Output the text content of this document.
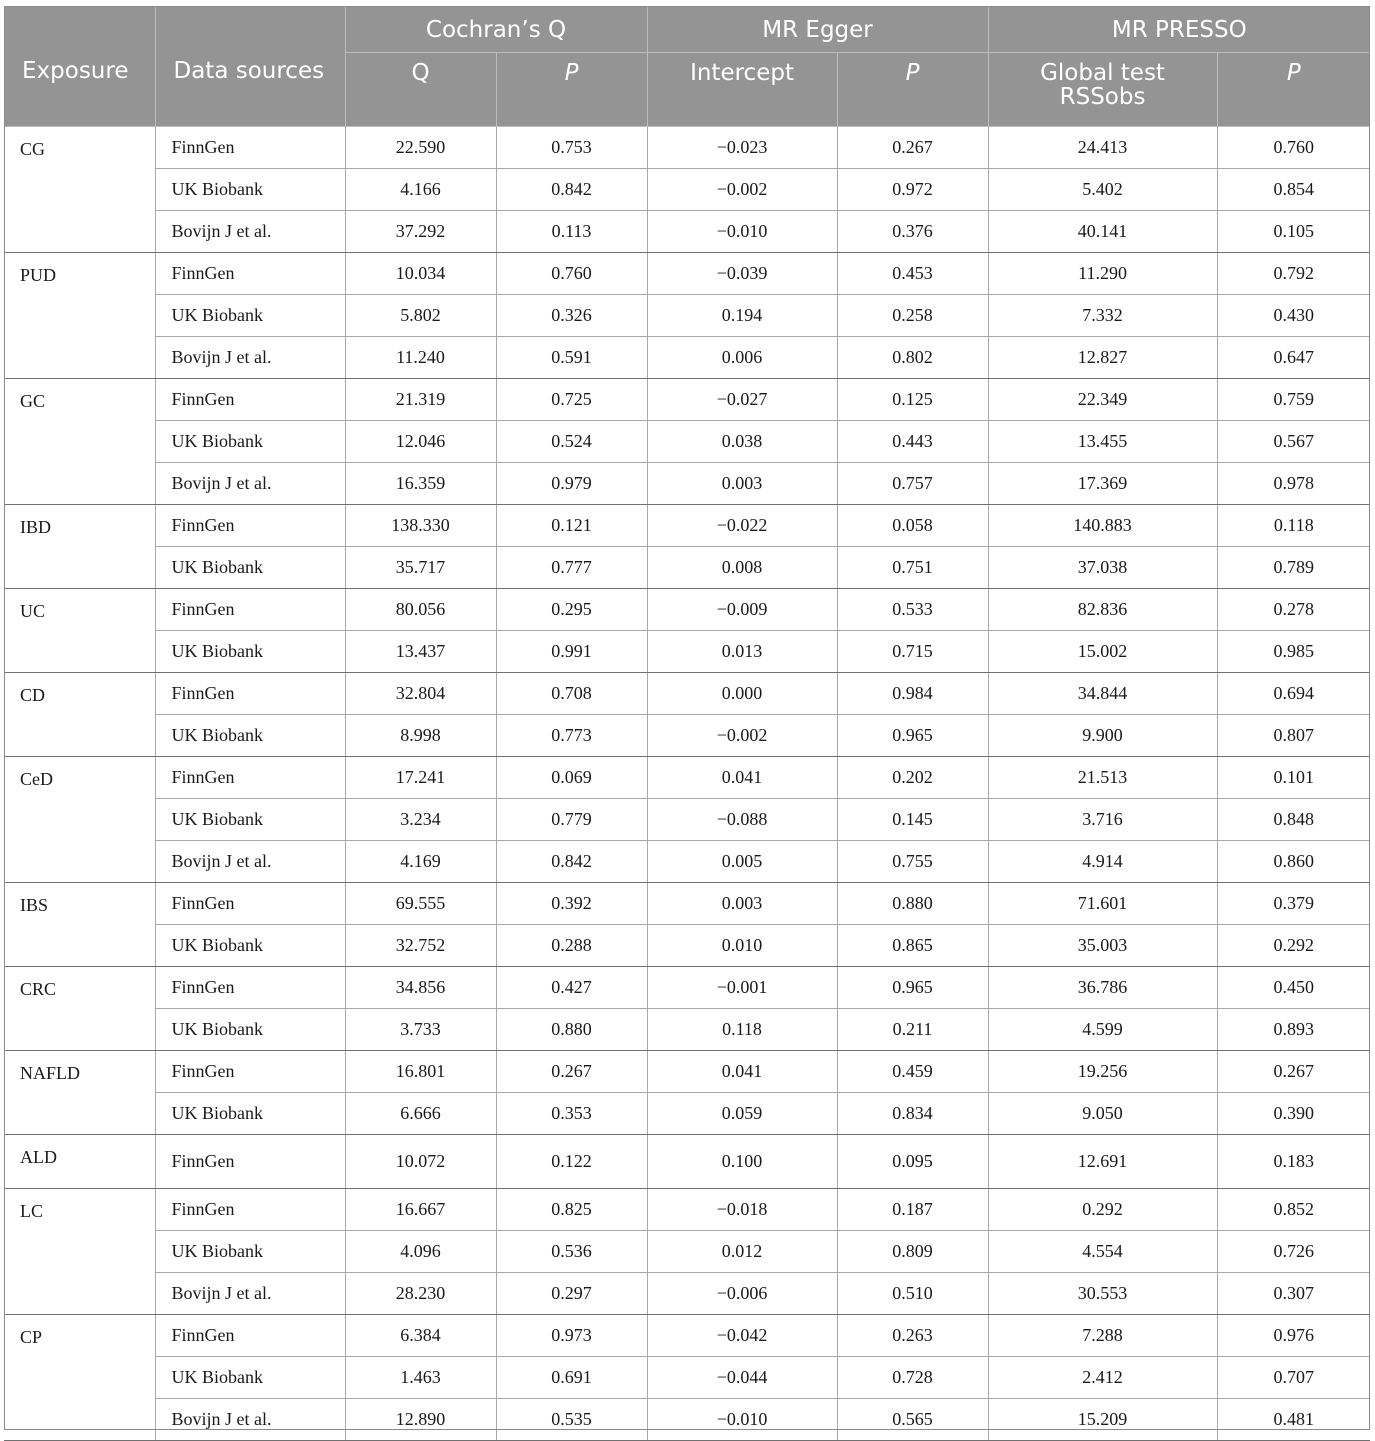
Exposure	Data sources	Cochran’s Q		MR Egger		MR PRESSO	
		Q	P	Intercept	P	Global test RSSobs	P
CG	FinnGen	22.590	0.753	−0.023	0.267	24.413	0.760
	UK Biobank	4.166	0.842	−0.002	0.972	5.402	0.854
	Bovijn J et al.	37.292	0.113	−0.010	0.376	40.141	0.105
PUD	FinnGen	10.034	0.760	−0.039	0.453	11.290	0.792
	UK Biobank	5.802	0.326	0.194	0.258	7.332	0.430
	Bovijn J et al.	11.240	0.591	0.006	0.802	12.827	0.647
GC	FinnGen	21.319	0.725	−0.027	0.125	22.349	0.759
	UK Biobank	12.046	0.524	0.038	0.443	13.455	0.567
	Bovijn J et al.	16.359	0.979	0.003	0.757	17.369	0.978
IBD	FinnGen	138.330	0.121	−0.022	0.058	140.883	0.118
	UK Biobank	35.717	0.777	0.008	0.751	37.038	0.789
UC	FinnGen	80.056	0.295	−0.009	0.533	82.836	0.278
	UK Biobank	13.437	0.991	0.013	0.715	15.002	0.985
CD	FinnGen	32.804	0.708	0.000	0.984	34.844	0.694
	UK Biobank	8.998	0.773	−0.002	0.965	9.900	0.807
CeD	FinnGen	17.241	0.069	0.041	0.202	21.513	0.101
	UK Biobank	3.234	0.779	−0.088	0.145	3.716	0.848
	Bovijn J et al.	4.169	0.842	0.005	0.755	4.914	0.860
IBS	FinnGen	69.555	0.392	0.003	0.880	71.601	0.379
	UK Biobank	32.752	0.288	0.010	0.865	35.003	0.292
CRC	FinnGen	34.856	0.427	−0.001	0.965	36.786	0.450
	UK Biobank	3.733	0.880	0.118	0.211	4.599	0.893
NAFLD	FinnGen	16.801	0.267	0.041	0.459	19.256	0.267
	UK Biobank	6.666	0.353	0.059	0.834	9.050	0.390
ALD	FinnGen	10.072	0.122	0.100	0.095	12.691	0.183
LC	FinnGen	16.667	0.825	−0.018	0.187	0.292	0.852
	UK Biobank	4.096	0.536	0.012	0.809	4.554	0.726
	Bovijn J et al.	28.230	0.297	−0.006	0.510	30.553	0.307
CP	FinnGen	6.384	0.973	−0.042	0.263	7.288	0.976
	UK Biobank	1.463	0.691	−0.044	0.728	2.412	0.707
	Bovijn J et al.	12.890	0.535	−0.010	0.565	15.209	0.481
